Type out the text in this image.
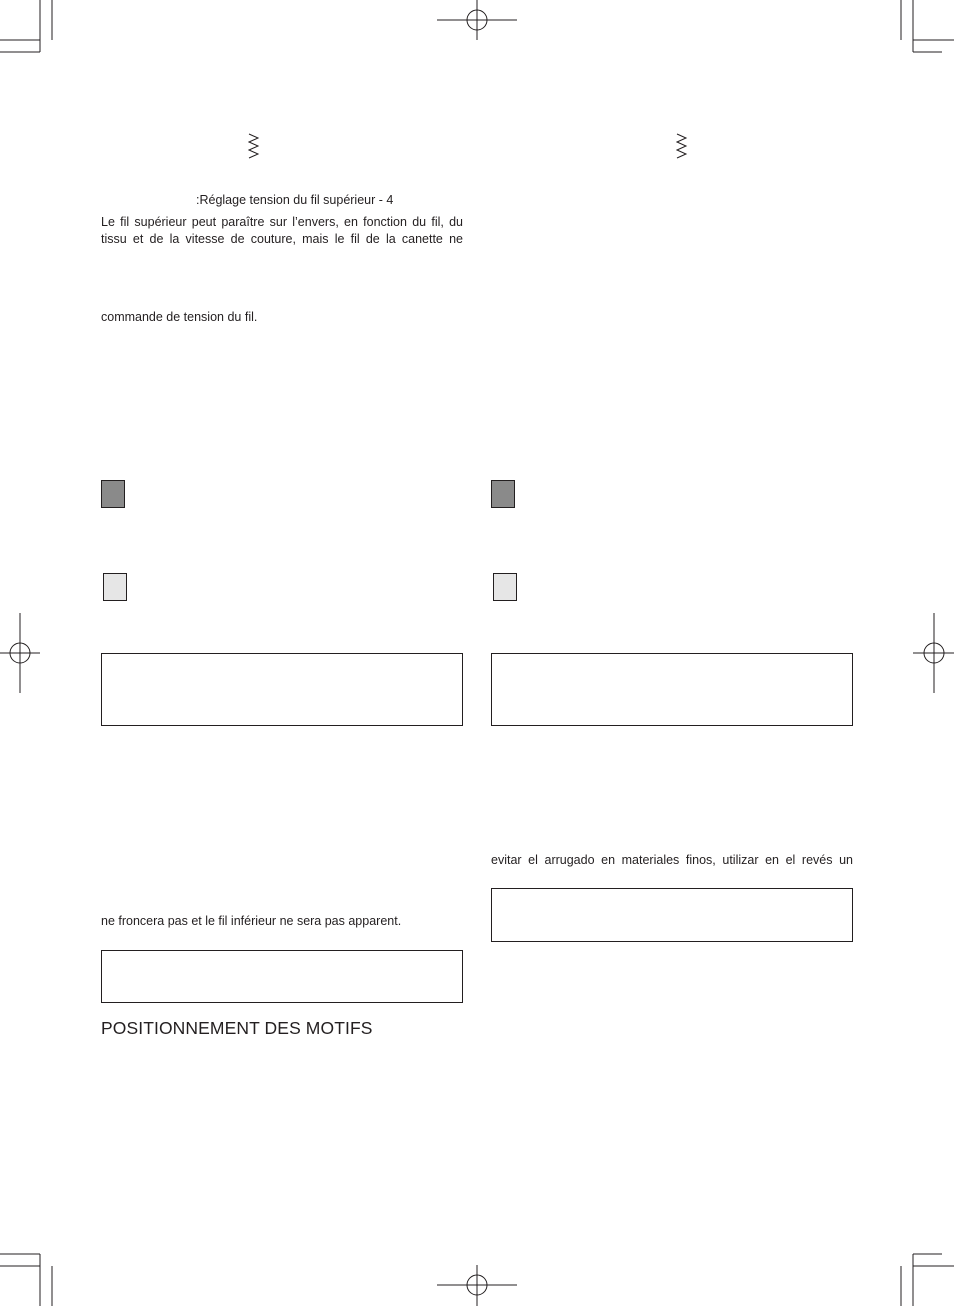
:Réglage tension du fil supérieur - 4
Le fil supérieur peut paraître sur l’envers, en fonction du fil, du
tissu et de la vitesse de couture, mais le fil de la canette ne
commande de tension du fil.
ne froncera pas et le fil inférieur ne sera pas apparent.
POSITIONNEMENT DES MOTIFS
evitar el arrugado en materiales finos, utilizar en el revés un
